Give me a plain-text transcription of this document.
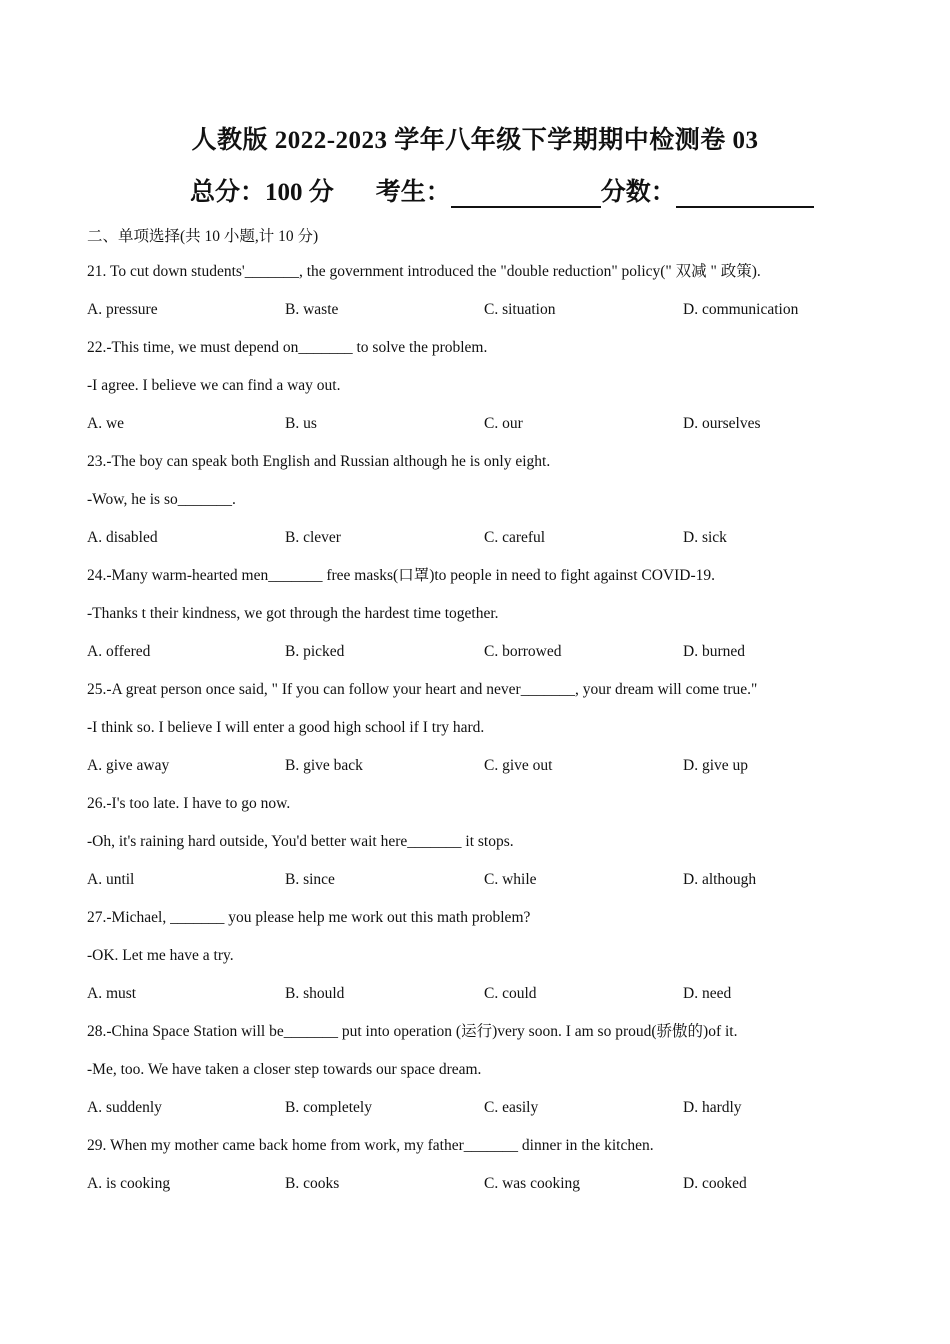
人教版 2022-2023 学年八年级下学期期中检测卷 03
总分：100 分 考生：	分数：
二、单项选择(共 10 小题,计 10 分)
21. To cut down students'_______, the government introduced the "double reduction" policy(" 双减 " 政策).
A. pressure	B. waste	C. situation	D. communication
22.-This time, we must depend on_______ to solve the problem.
-I agree. I believe we can find a way out.
A. we	B. us	C. our	D. ourselves
23.-The boy can speak both English and Russian although he is only eight.
-Wow, he is so_______.
A. disabled	B. clever	C. careful	D. sick
24.-Many warm-hearted men_______ free masks(口罩)to people in need to fight against COVID-19.
-Thanks t their kindness, we got through the hardest time together.
A. offered	B. picked	C. borrowed	D. burned
25.-A great person once said, " If you can follow your heart and never_______, your dream will come true."
-I think so. I believe I will enter a good high school if I try hard.
A. give away	B. give back	C. give out	D. give up
26.-I's too late. I have to go now.
-Oh, it's raining hard outside, You'd better wait here_______ it stops.
A. until	B. since	C. while	D. although
27.-Michael, _______ you please help me work out this math problem?
-OK. Let me have a try.
A. must	B. should	C. could	D. need
28.-China Space Station will be_______ put into operation (运行)very soon. I am so proud(骄傲的)of it.
-Me, too. We have taken a closer step towards our space dream.
A. suddenly	B. completely	C. easily	D. hardly
29. When my mother came back home from work, my father_______ dinner in the kitchen.
A. is cooking	B. cooks	C. was cooking	D. cooked
